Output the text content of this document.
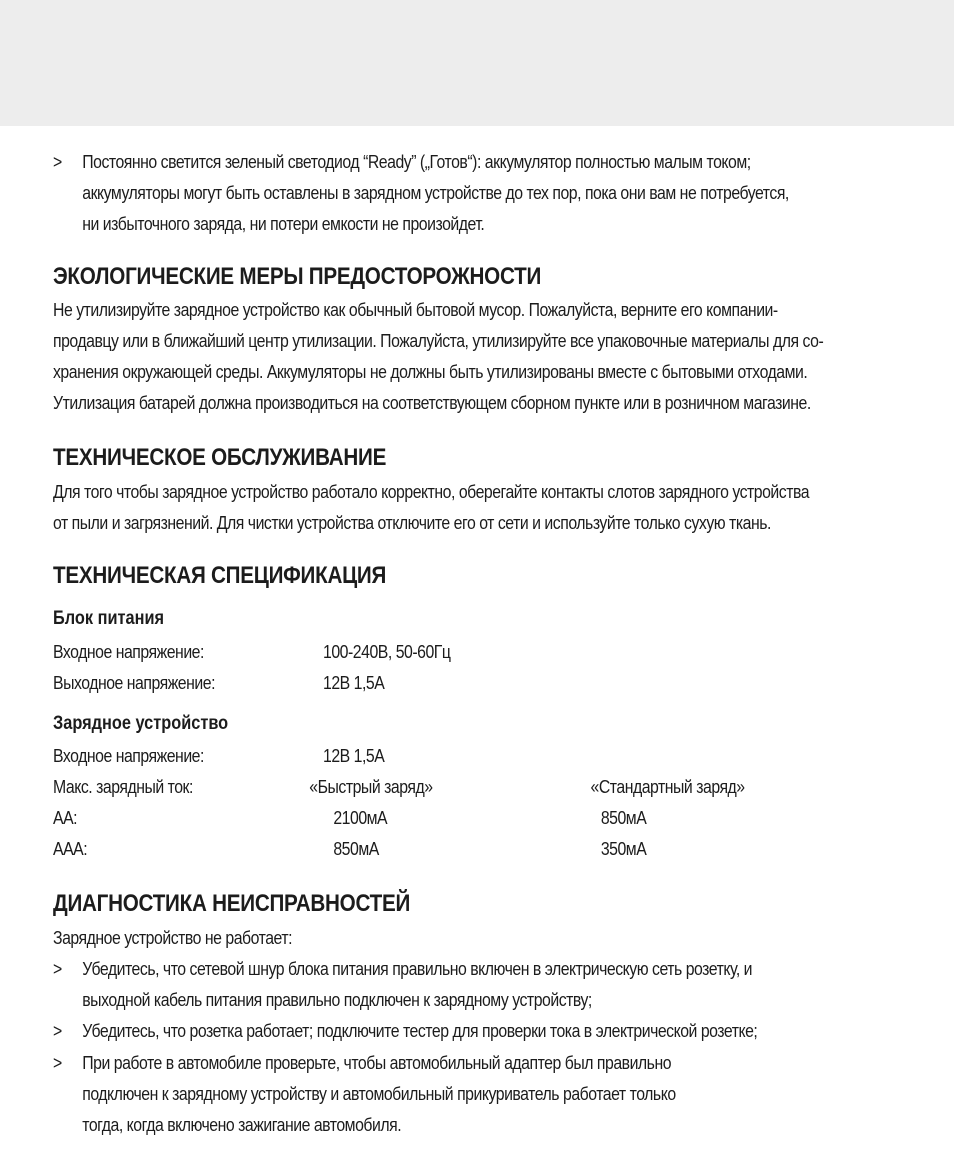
> Постоянно светится зеленый светодиод “Ready” („Готов“): аккумулятор полностью малым током;
аккумуляторы могут быть оставлены в зарядном устройстве до тех пор, пока они вам не потребуется,
ни избыточного заряда, ни потери емкости не произойдет.
ЭКОЛОГИЧЕСКИЕ МЕРЫ ПРЕДОСТОРОЖНОСТИ
Не утилизируйте зарядное устройство как обычный бытовой мусор. Пожалуйста, верните его компании-
продавцу или в ближайший центр утилизации. Пожалуйста, утилизируйте все упаковочные материалы для со-
хранения окружающей среды. Аккумуляторы не должны быть утилизированы вместе с бытовыми отходами.
Утилизация батарей должна производиться на соответствующем сборном пункте или в розничном магазине.
ТЕХНИЧЕСКОЕ ОБСЛУЖИВАНИЕ
Для того чтобы зарядное устройство работало корректно, оберегайте контакты слотов зарядного устройства
от пыли и загрязнений. Для чистки устройства отключите его от сети и используйте только сухую ткань.
ТЕХНИЧЕСКАЯ СПЕЦИФИКАЦИЯ
Блок питания
Входное напряжение:	100-240В, 50-60Гц
Выходное напряжение:	12В 1,5А
Зарядное устройство
Входное напряжение:	12В 1,5А
Макс. зарядный ток:	«Быстрый заряд»	«Стандартный заряд»
АА:	2100мА	850мА
ААА:	850мА	350мА
ДИАГНОСТИКА НЕИСПРАВНОСТЕЙ
Зарядное устройство не работает:
> Убедитесь, что сетевой шнур блока питания правильно включен в электрическую сеть розетку, и
выходной кабель питания правильно подключен к зарядному устройству;
> Убедитесь, что розетка работает; подключите тестер для проверки тока в электрической розетке;
> При работе в автомобиле проверьте, чтобы автомобильный адаптер был правильно
подключен к зарядному устройству и автомобильный прикуриватель работает только
тогда, когда включено зажигание автомобиля.
